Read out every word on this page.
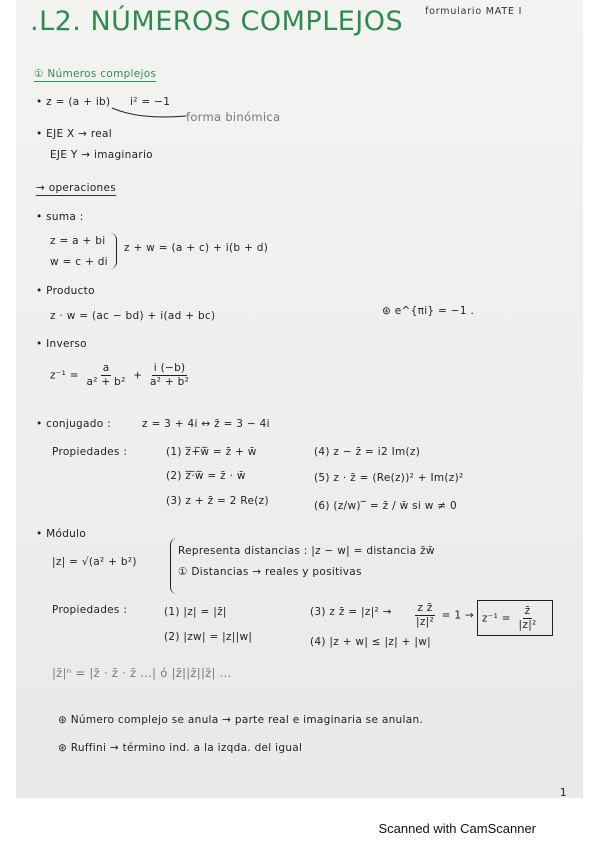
.L2. NÚMEROS COMPLEJOS formulario MATE I
① Números complejos
• z = (a + ib) i² = −1
forma binómica
• EJE X → real
EJE Y → imaginario
→ operaciones
• suma :
z = a + bi
w = c + di
z + w = (a + c) + i(b + d)
• Producto
z · w = (ac − bd) + i(ad + bc)	⊛ e^{πi} = −1 .
• Inverso
$z^{-1} = \frac{a}{\text{a² + b²}} + \frac{i (-b)}{\text{a² + b²}}$
• conjugado :	z = 3 + 4i ↔ z̄ = 3 − 4i
Propiedades :	(1) z̅+̅w̅ = z̄ + w̄
(2) z̅·̅w̅ = z̄ · w̄
(3) z + z̄ = 2 Re(z)
(4) z − z̄ = i2 Im(z)
(5) z · z̄ = (Re(z))² + Im(z)²
(6) (z/w)‾ = z̄ / w̄ si w ≠ 0
• Módulo
|z| = √(a² + b²)
Representa distancias : |z − w| = distancia z̄w̄
① Distancias → reales y positivas
Propiedades :	(1) |z| = |z̄|
(2) |zw| = |z||w|
(3) z z̄ = $|z|^2 \to \frac{\text{z z̄}}{\text{|z|²}} = 1 \to z^{-1} = \frac{z̄}{\text{|z|²}}$
(4) |z + w| ≤ |z| + |w|
|z̄|ⁿ = |z̄ · z̄ · z̄ ...| ó |z̄||z̄||z̄| ...
⊛ Número complejo se anula → parte real e imaginaria se anulan.
⊛ Ruffini → término ind. a la izqda. del igual
1
Scanned with CamScanner
